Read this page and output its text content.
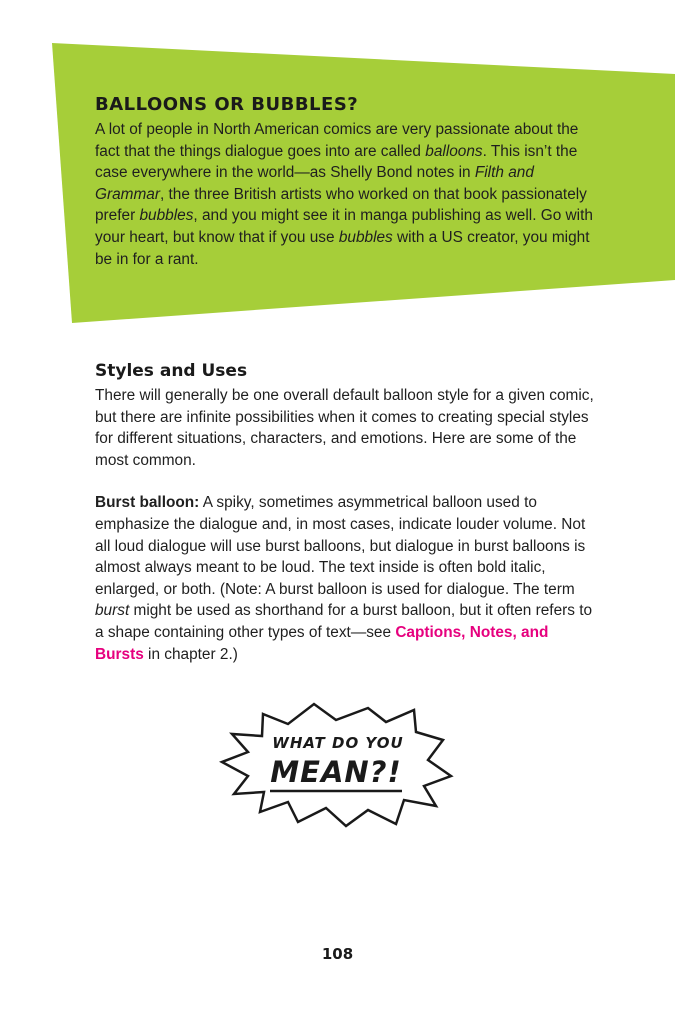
BALLOONS OR BUBBLES?

A lot of people in North American comics are very passionate about the fact that the things dialogue goes into are called balloons. This isn’t the case everywhere in the world—as Shelly Bond notes in Filth and Grammar, the three British artists who worked on that book passionately prefer bubbles, and you might see it in manga publishing as well. Go with your heart, but know that if you use bubbles with a US creator, you might be in for a rant.

Styles and Uses

There will generally be one overall default balloon style for a given comic, but there are infinite possibilities when it comes to creating special styles for different situations, characters, and emotions. Here are some of the most common.

Burst balloon: A spiky, sometimes asymmetrical balloon used to emphasize the dialogue and, in most cases, indicate louder volume. Not all loud dialogue will use burst balloons, but dialogue in burst balloons is almost always meant to be loud. The text inside is often bold italic, enlarged, or both. (Note: A burst balloon is used for dialogue. The term burst might be used as shorthand for a burst balloon, but it often refers to a shape containing other types of text—see Captions, Notes, and Bursts in chapter 2.)

WHAT DO YOU
MEAN?!
108
